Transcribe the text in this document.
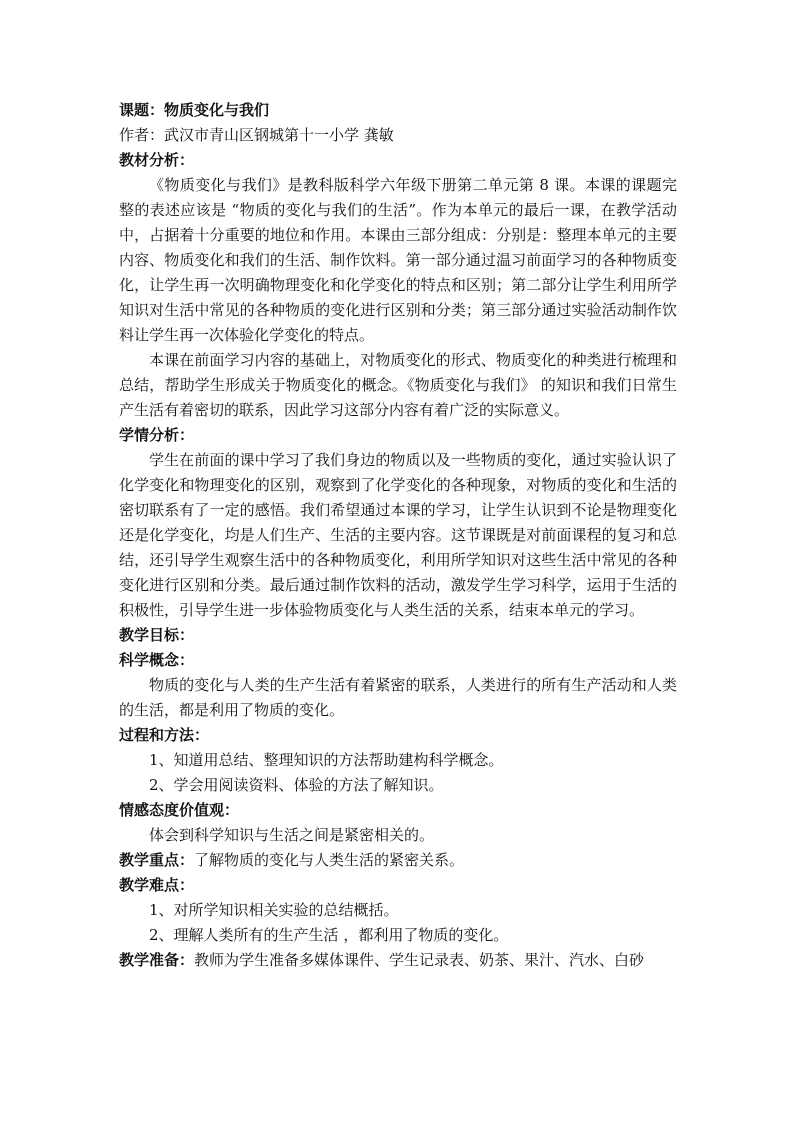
课题：物质变化与我们
作者：武汉市青山区钢城第十一小学 龚敏
教材分析：

《物质变化与我们》是教科版科学六年级下册第二单元第 8 课。本课的课题完整的表述应该是 “物质的变化与我们的生活”。作为本单元的最后一课，在教学活动中，占据着十分重要的地位和作用。本课由三部分组成：分别是：整理本单元的主要内容、物质变化和我们的生活、制作饮料。第一部分通过温习前面学习的各种物质变化，让学生再一次明确物理变化和化学变化的特点和区别；第二部分让学生利用所学知识对生活中常见的各种物质的变化进行区别和分类；第三部分通过实验活动制作饮料让学生再一次体验化学变化的特点。

本课在前面学习内容的基础上，对物质变化的形式、物质变化的种类进行梳理和总结，帮助学生形成关于物质变化的概念。《物质变化与我们》 的知识和我们日常生产生活有着密切的联系，因此学习这部分内容有着广泛的实际意义。

学情分析：

学生在前面的课中学习了我们身边的物质以及一些物质的变化，通过实验认识了化学变化和物理变化的区别，观察到了化学变化的各种现象，对物质的变化和生活的密切联系有了一定的感悟。我们希望通过本课的学习，让学生认识到不论是物理变化还是化学变化，均是人们生产、生活的主要内容。这节课既是对前面课程的复习和总结，还引导学生观察生活中的各种物质变化，利用所学知识对这些生活中常见的各种变化进行区别和分类。最后通过制作饮料的活动，激发学生学习科学，运用于生活的积极性，引导学生进一步体验物质变化与人类生活的关系，结束本单元的学习。

教学目标：
科学概念：

物质的变化与人类的生产生活有着紧密的联系，人类进行的所有生产活动和人类的生活，都是利用了物质的变化。

过程和方法：
1、知道用总结、整理知识的方法帮助建构科学概念。
2、学会用阅读资料、体验的方法了解知识。
情感态度价值观：
体会到科学知识与生活之间是紧密相关的。
教学重点：了解物质的变化与人类生活的紧密关系。
教学难点：
1、对所学知识相关实验的总结概括。
2、理解人类所有的生产生活 ，都利用了物质的变化。
教学准备：教师为学生准备多媒体课件、学生记录表、奶茶、果汁、汽水、白砂
